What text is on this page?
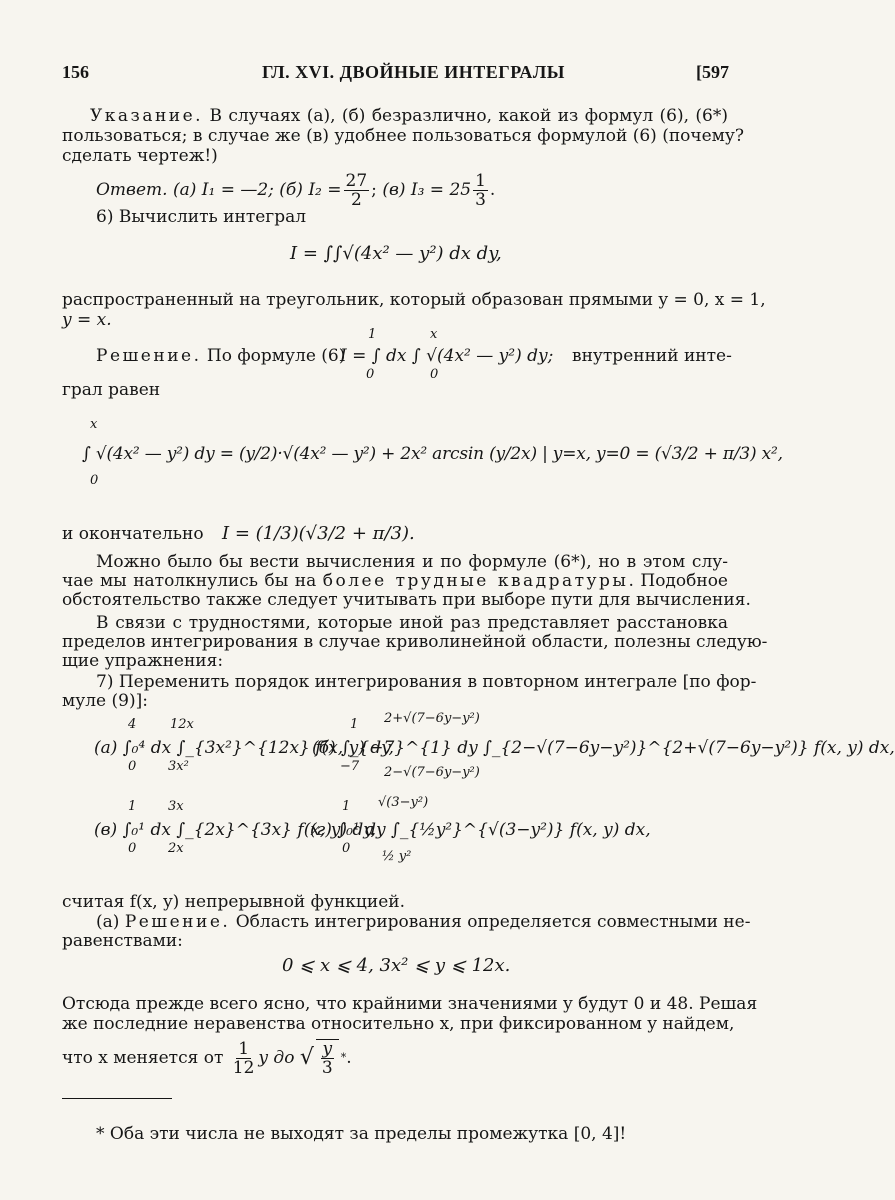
156	ГЛ. XVI. ДВОЙНЫЕ ИНТЕГРАЛЫ	[597
Указание. В случаях (а), (б) безразлично, какой из формул (6), (6*)
пользоваться; в случае же (в) удобнее пользоваться формулой (6) (почему?
сделать чертеж!)
Ответ.
(а) I₁ = —2;
(б) $I_2 = \frac{27}{2}$ ; (в) I₃ = 25 1
3 .
6) Вычислить интеграл
I = ∫∫√(4x² — y²) dx dy,
распространенный на треугольник, который образован прямыми y = 0, x = 1,
y = x.
1	x
0	0
Решение. По формуле (6)
I = ∫ dx ∫ √(4x² — y²) dy; внутренний инте-
грал равен
x
0
∫ √(4x² — y²) dy = (y/2)·√(4x² — y²) + 2x² arcsin (y/2x) | y=x, y=0 = (√3/2 + π/3) x²,
и окончательно I = (1/3)(√3/2 + π/3).
Можно было бы вести вычисления и по формуле (6*), но в этом слу-
чае мы натолкнулись бы на более трудные квадратуры. Подобное
обстоятельство также следует учитывать при выборе пути для вычисления.
В связи с трудностями, которые иной раз представляет расстановка
пределов интегрирования в случае криволинейной области, полезны следую-
щие упражнения:
7) Переменить порядок интегрирования в повторном интеграле [по фор-
муле (9)]:
4	12x
0 3x²
(а) ∫₀⁴ dx ∫_{3x²}^{12x} f(x, y) dy,
1 2+√(7−6y−y²)
−7 2−√(7−6y−y²)
(б) ∫_{−7}^{1} dy ∫_{2−√(7−6y−y²)}^{2+√(7−6y−y²)} f(x, y) dx,
1 3x
0 2x
(в) ∫₀¹ dx ∫_{2x}^{3x} f(x, y) dy,
1 √(3−y²)
0
½ y²
(г) ∫₀¹ dy ∫_{½y²}^{√(3−y²)} f(x, y) dx,
считая f(x, y) непрерывной функцией.
(а) Решение. Область интегрирования определяется совместными не-
равенствами:
0 ⩽ x ⩽ 4, 3x² ⩽ y ⩽ 12x.
Отсюда прежде всего ясно, что крайними значениями y будут 0 и 48. Решая
же последние неравенства относительно x, при фиксированном y найдем,
что x меняется от
1
12 y до
√ y
3
* .
* Оба эти числа не выходят за пределы промежутка [0, 4]!
